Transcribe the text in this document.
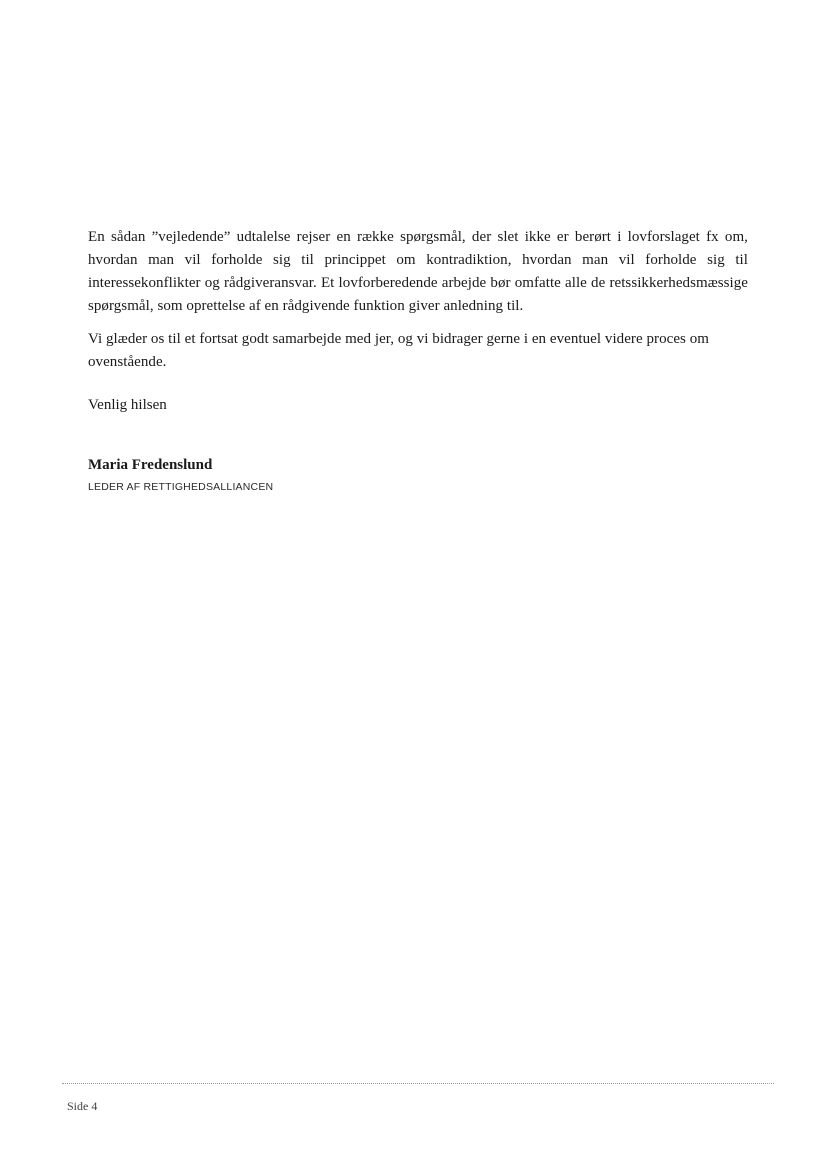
En sådan ”vejledende” udtalelse rejser en række spørgsmål, der slet ikke er berørt i lovforslaget fx om, hvordan man vil forholde sig til princippet om kontradiktion, hvordan man vil forholde sig til interessekonflikter og rådgiveransvar. Et lovforberedende arbejde bør omfatte alle de retssikkerhedsmæssige spørgsmål, som oprettelse af en rådgivende funktion giver anledning til.

Vi glæder os til et fortsat godt samarbejde med jer, og vi bidrager gerne i en eventuel videre proces om ovenstående.

Venlig hilsen

Maria Fredenslund

LEDER AF RETTIGHEDSALLIANCEN

Side 4
